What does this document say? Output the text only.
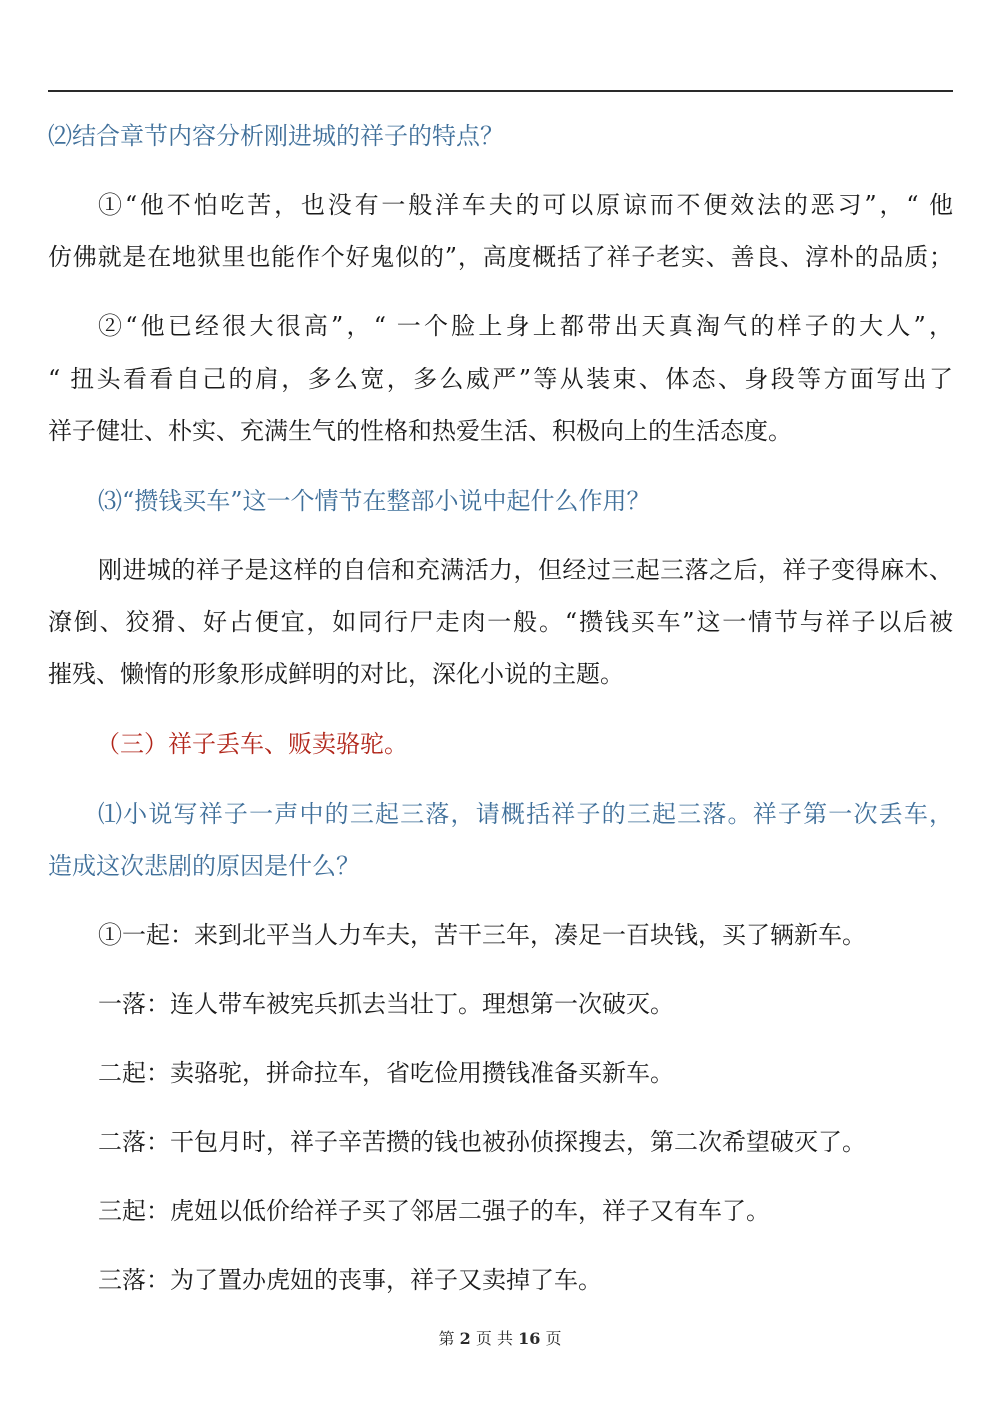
⑵结合章节内容分析刚进城的祥子的特点？
①“他不怕吃苦，也没有一般洋车夫的可以原谅而不便效法的恶习”，“ 他
仿佛就是在地狱里也能作个好鬼似的”，高度概括了祥子老实、善良、淳朴的品质；
②“他已经很大很高”，“ 一个脸上身上都带出天真淘气的样子的大人”，
“ 扭头看看自己的肩，多么宽，多么威严”等从装束、体态、身段等方面写出了
祥子健壮、朴实、充满生气的性格和热爱生活、积极向上的生活态度。
⑶“攒钱买车”这一个情节在整部小说中起什么作用？
刚进城的祥子是这样的自信和充满活力，但经过三起三落之后，祥子变得麻木、
潦倒、狡猾、好占便宜，如同行尸走肉一般。“攒钱买车”这一情节与祥子以后被
摧残、懒惰的形象形成鲜明的对比，深化小说的主题。
（三）祥子丢车、贩卖骆驼。
⑴小说写祥子一声中的三起三落，请概括祥子的三起三落。祥子第一次丢车，
造成这次悲剧的原因是什么？
①一起：来到北平当人力车夫，苦干三年，凑足一百块钱，买了辆新车。
一落：连人带车被宪兵抓去当壮丁。理想第一次破灭。
二起：卖骆驼，拼命拉车，省吃俭用攒钱准备买新车。
二落：干包月时，祥子辛苦攒的钱也被孙侦探搜去，第二次希望破灭了。
三起：虎妞以低价给祥子买了邻居二强子的车，祥子又有车了。
三落：为了置办虎妞的丧事，祥子又卖掉了车。
第 2 页 共 16 页
